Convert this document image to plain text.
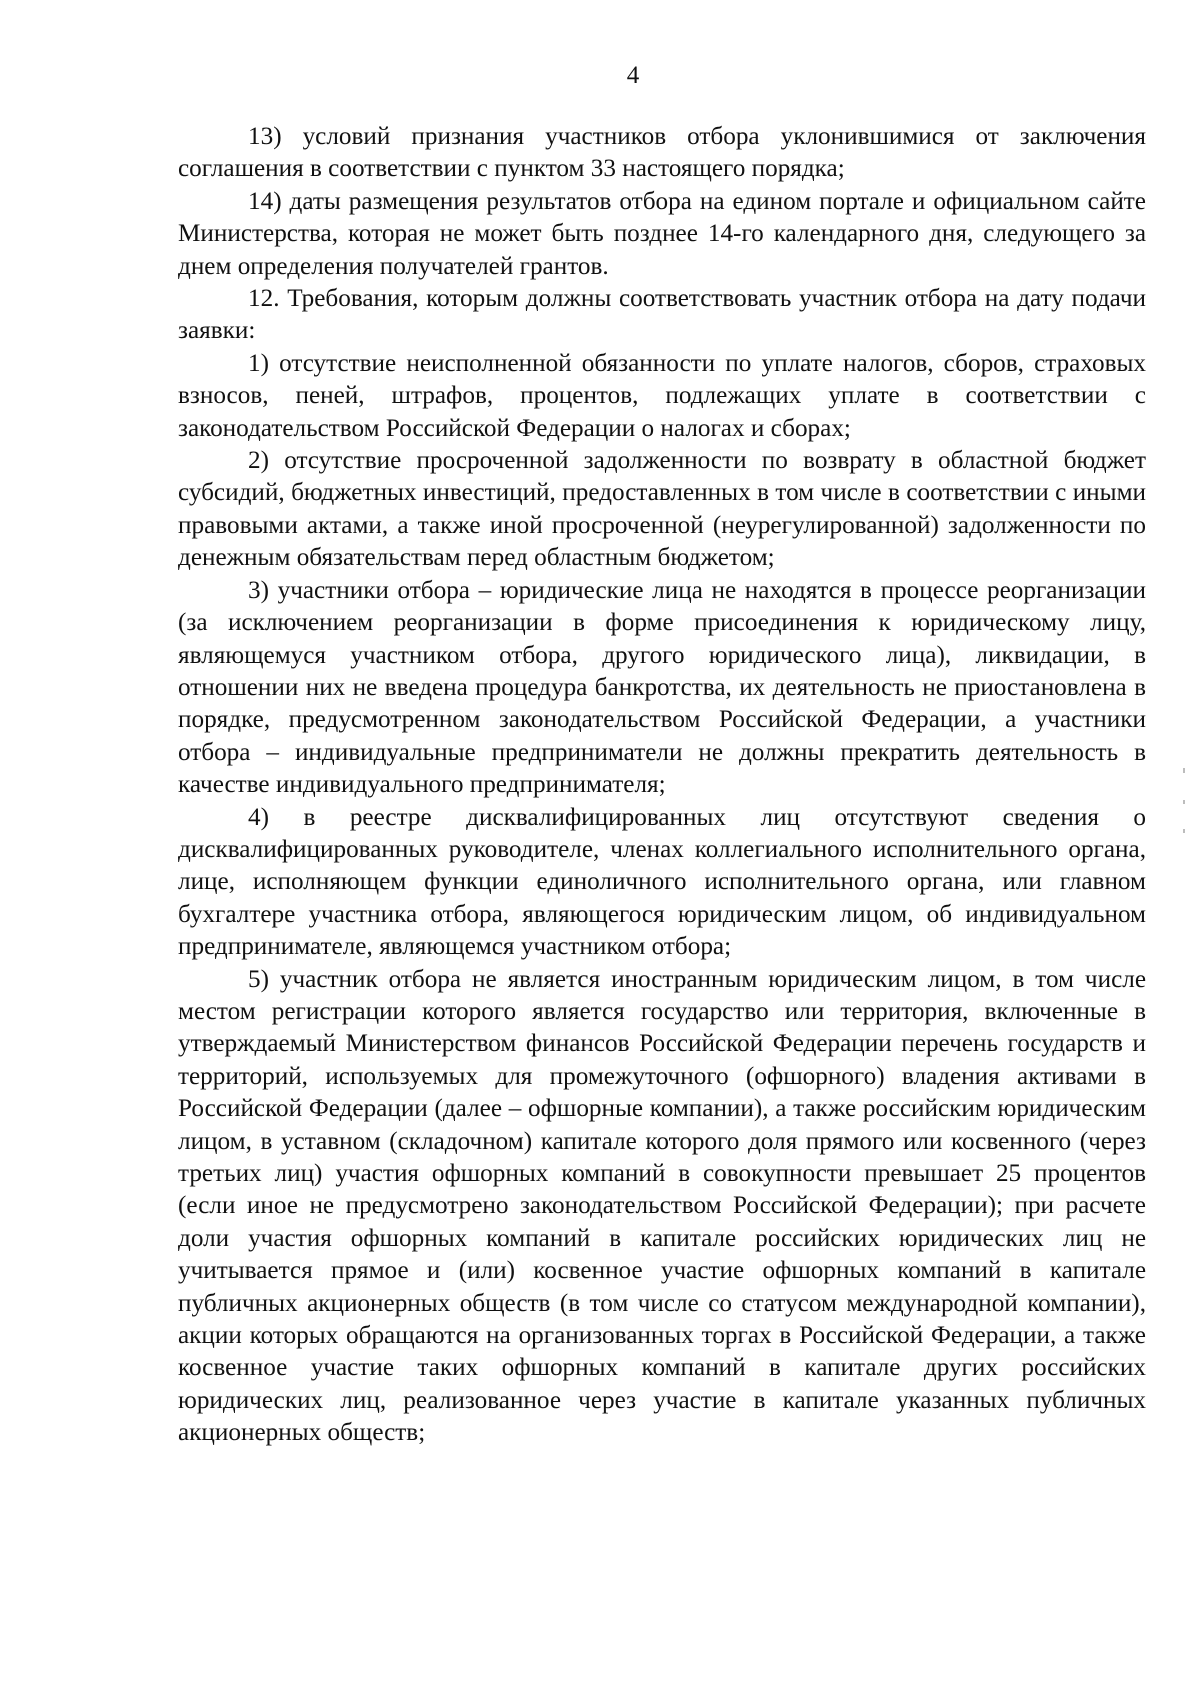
4

13) условий признания участников отбора уклонившимися от заключения соглашения в соответствии с пунктом 33 настоящего порядка;

14) даты размещения результатов отбора на едином портале и официальном сайте Министерства, которая не может быть позднее 14-го календарного дня, следующего за днем определения получателей грантов.

12. Требования, которым должны соответствовать участник отбора на дату подачи заявки:

1) отсутствие неисполненной обязанности по уплате налогов, сборов, страховых взносов, пеней, штрафов, процентов, подлежащих уплате в соответствии с законодательством Российской Федерации о налогах и сборах;

2) отсутствие просроченной задолженности по возврату в областной бюджет субсидий, бюджетных инвестиций, предоставленных в том числе в соответствии с иными правовыми актами, а также иной просроченной (неурегулированной) задолженности по денежным обязательствам перед областным бюджетом;

3) участники отбора – юридические лица не находятся в процессе реорганизации (за исключением реорганизации в форме присоединения к юридическому лицу, являющемуся участником отбора, другого юридического лица), ликвидации, в отношении них не введена процедура банкротства, их деятельность не приостановлена в порядке, предусмотренном законодательством Российской Федерации, а участники отбора – индивидуальные предприниматели не должны прекратить деятельность в качестве индивидуального предпринимателя;

4) в реестре дисквалифицированных лиц отсутствуют сведения о дисквалифицированных руководителе, членах коллегиального исполнительного органа, лице, исполняющем функции единоличного исполнительного органа, или главном бухгалтере участника отбора, являющегося юридическим лицом, об индивидуальном предпринимателе, являющемся участником отбора;

5) участник отбора не является иностранным юридическим лицом, в том числе местом регистрации которого является государство или территория, включенные в утверждаемый Министерством финансов Российской Федерации перечень государств и территорий, используемых для промежуточного (офшорного) владения активами в Российской Федерации (далее – офшорные компании), а также российским юридическим лицом, в уставном (складочном) капитале которого доля прямого или косвенного (через третьих лиц) участия офшорных компаний в совокупности превышает 25 процентов (если иное не предусмотрено законодательством Российской Федерации); при расчете доли участия офшорных компаний в капитале российских юридических лиц не учитывается прямое и (или) косвенное участие офшорных компаний в капитале публичных акционерных обществ (в том числе со статусом международной компании), акции которых обращаются на организованных торгах в Российской Федерации, а также косвенное участие таких офшорных компаний в капитале других российских юридических лиц, реализованное через участие в капитале указанных публичных акционерных обществ;
